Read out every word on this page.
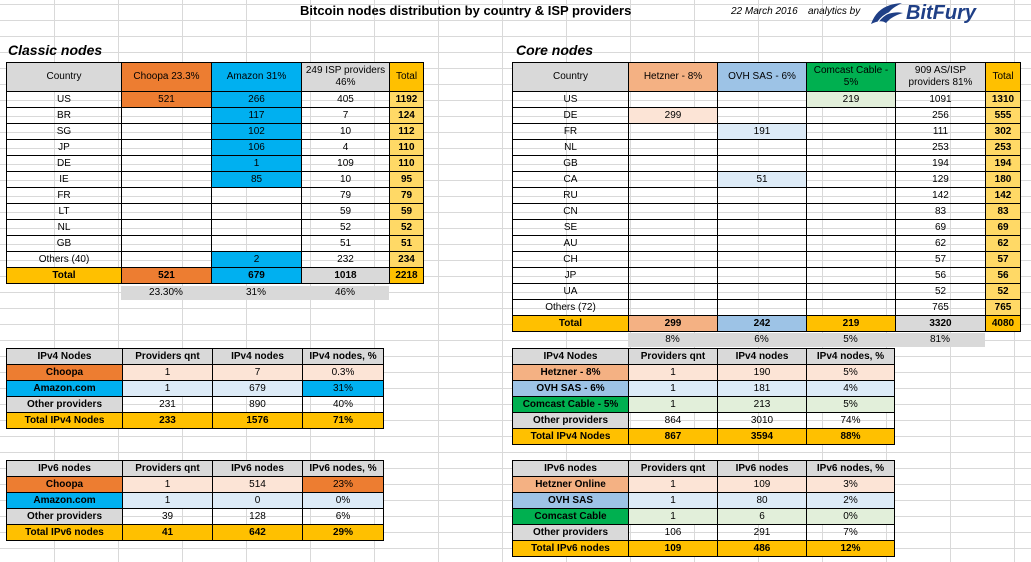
Bitcoin nodes distribution by country & ISP providers	22 March 2016 analytics by BitFury
Classic nodes	Core nodes
Country	Choopa 23.3%	Amazon 31%	249 ISP providers 46%	Total
US	521	266	405	1192
BR		117	7	124
SG		102	10	112
JP		106	4	110
DE		1	109	110
IE		85	10	95
FR			79	79
LT			59	59
NL			52	52
GB			51	51
Others (40)		2	232	234
Total	521	679	1018	2218
	23.30%	31%	46%	
Country	Hetzner - 8%	OVH SAS - 6%	Comcast Cable - 5%	909 AS/ISP providers 81%	Total
US			219	1091	1310
DE	299			256	555
FR		191		111	302
NL				253	253
GB				194	194
CA		51		129	180
RU				142	142
CN				83	83
SE				69	69
AU				62	62
CH				57	57
JP				56	56
UA				52	52
Others (72)				765	765
Total	299	242	219	3320	4080
	8%	6%	5%	81%	
IPv4 Nodes	Providers qnt	IPv4 nodes	IPv4 nodes, %
Choopa	1	7	0.3%
Amazon.com	1	679	31%
Other providers	231	890	40%
Total IPv4 Nodes	233	1576	71%
IPv6 nodes	Providers qnt	IPv6 nodes	IPv6 nodes, %
Choopa	1	514	23%
Amazon.com	1	0	0%
Other providers	39	128	6%
Total IPv6 nodes	41	642	29%
IPv4 Nodes	Providers qnt	IPv4 nodes	IPv4 nodes, %
Hetzner - 8%	1	190	5%
OVH SAS - 6%	1	181	4%
Comcast Cable - 5%	1	213	5%
Other providers	864	3010	74%
Total IPv4 Nodes	867	3594	88%
IPv6 nodes	Providers qnt	IPv6 nodes	IPv6 nodes, %
Hetzner Online	1	109	3%
OVH SAS	1	80	2%
Comcast Cable	1	6	0%
Other providers	106	291	7%
Total IPv6 nodes	109	486	12%
